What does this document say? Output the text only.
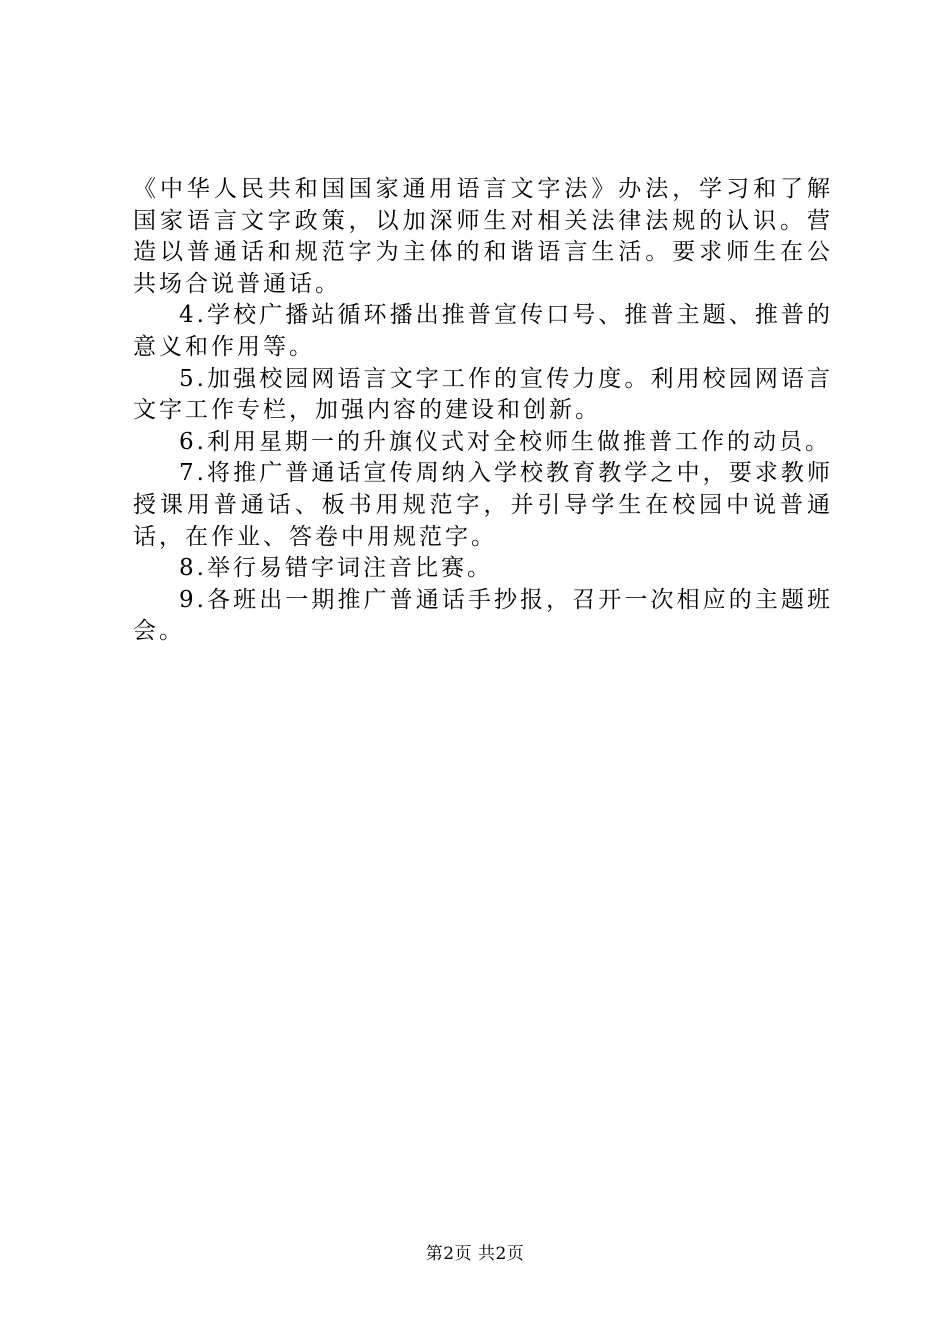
《中华人民共和国国家通用语言文字法》办法，学习和了解国家语言文字政策，以加深师生对相关法律法规的认识。营造以普通话和规范字为主体的和谐语言生活。要求师生在公共场合说普通话。

4.学校广播站循环播出推普宣传口号、推普主题、推普的意义和作用等。

5.加强校园网语言文字工作的宣传力度。利用校园网语言文字工作专栏，加强内容的建设和创新。

6.利用星期一的升旗仪式对全校师生做推普工作的动员。

7.将推广普通话宣传周纳入学校教育教学之中，要求教师授课用普通话、板书用规范字，并引导学生在校园中说普通话，在作业、答卷中用规范字。

8.举行易错字词注音比赛。

9.各班出一期推广普通话手抄报，召开一次相应的主题班会。

第2页 共2页
